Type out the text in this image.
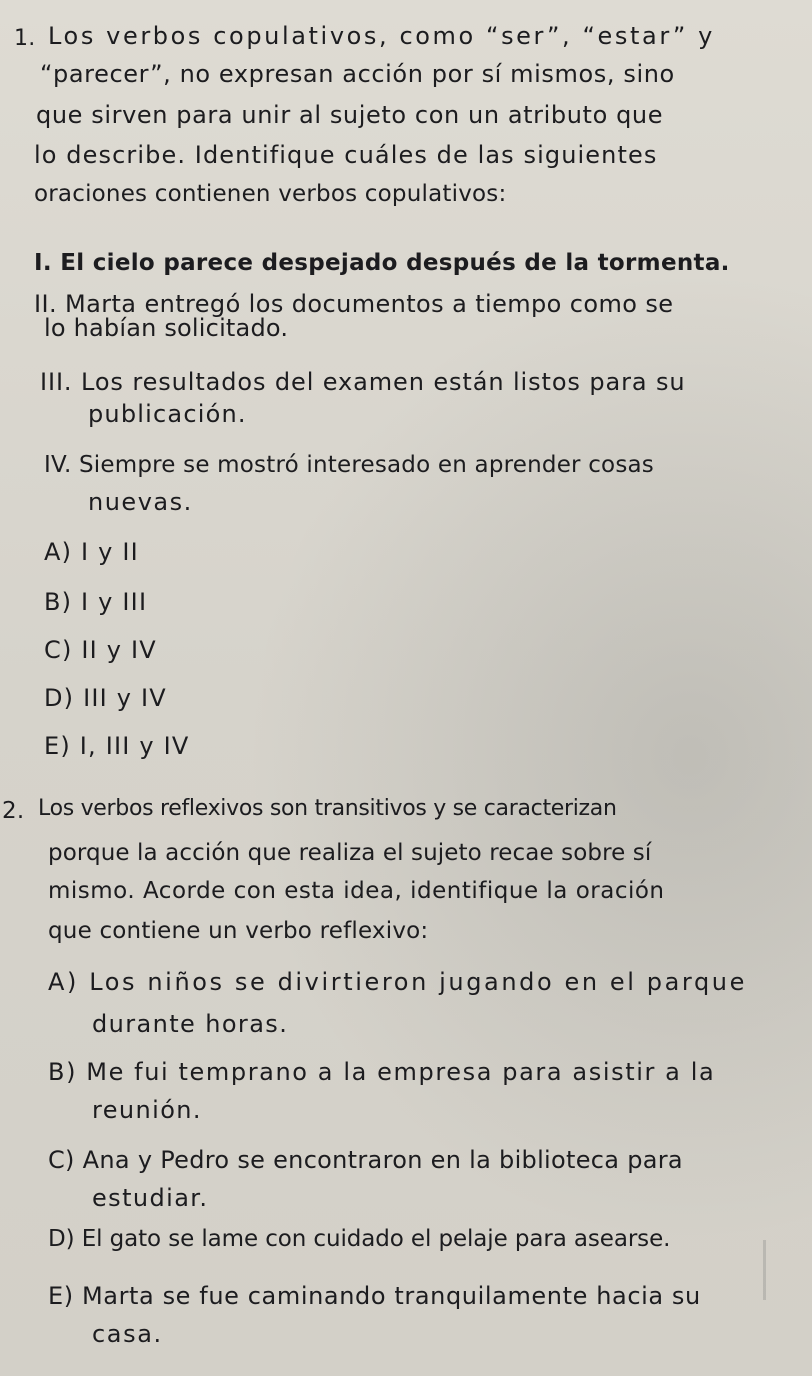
1. Los verbos copulativos, como “ser”, “estar” y
“parecer”, no expresan acción por sí mismos, sino
que sirven para unir al sujeto con un atributo que
lo describe. Identifique cuáles de las siguientes
oraciones contienen verbos copulativos:
I. El cielo parece despejado después de la tormenta.
II. Marta entregó los documentos a tiempo como se
lo habían solicitado.
III. Los resultados del examen están listos para su
publicación.
IV. Siempre se mostró interesado en aprender cosas
nuevas.
A) I y II
B) I y III
C) II y IV
D) III y IV
E) I, III y IV
2. Los verbos reflexivos son transitivos y se caracterizan
porque la acción que realiza el sujeto recae sobre sí
mismo. Acorde con esta idea, identifique la oración
que contiene un verbo reflexivo:
A) Los niños se divirtieron jugando en el parque
durante horas.
B) Me fui temprano a la empresa para asistir a la
reunión.
C) Ana y Pedro se encontraron en la biblioteca para
estudiar.
D) El gato se lame con cuidado el pelaje para asearse.
E) Marta se fue caminando tranquilamente hacia su
casa.
